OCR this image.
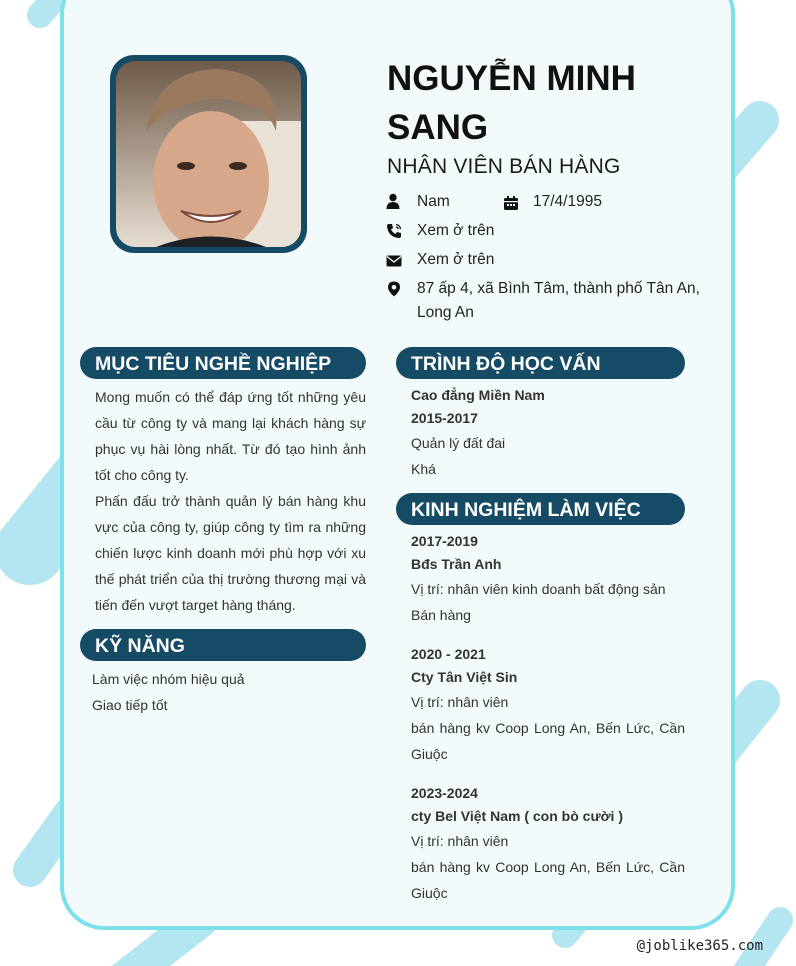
NGUYỄN MINH SANG
NHÂN VIÊN BÁN HÀNG
Nam	17/4/1995
Xem ở trên
Xem ở trên
87 ấp 4, xã Bình Tâm, thành phố Tân An, Long An
MỤC TIÊU NGHỀ NGHIỆP
Mong muốn có thể đáp ứng tốt những yêu cầu từ công ty và mang lại khách hàng sự phục vụ hài lòng nhất. Từ đó tạo hình ảnh tốt cho công ty.
Phấn đấu trở thành quản lý bán hàng khu vực của công ty, giúp công ty tìm ra những chiến lược kinh doanh mới phù hợp với xu thế phát triển của thị trường thương mại và tiến đến vượt target hàng tháng.
KỸ NĂNG
Làm việc nhóm hiệu quả
Giao tiếp tốt
TRÌNH ĐỘ HỌC VẤN
Cao đẳng Miền Nam
2015-2017
Quản lý đất đai
Khá
KINH NGHIỆM LÀM VIỆC
2017-2019
Bđs Trần Anh
Vị trí: nhân viên kinh doanh bất động sản
Bán hàng
2020 - 2021
Cty Tân Việt Sin
Vị trí: nhân viên
bán hàng kv Coop Long An, Bến Lức, Cần Giuộc
2023-2024
cty Bel Việt Nam ( con bò cười )
Vị trí: nhân viên
bán hàng kv Coop Long An, Bến Lức, Cần Giuộc
@joblike365.com
